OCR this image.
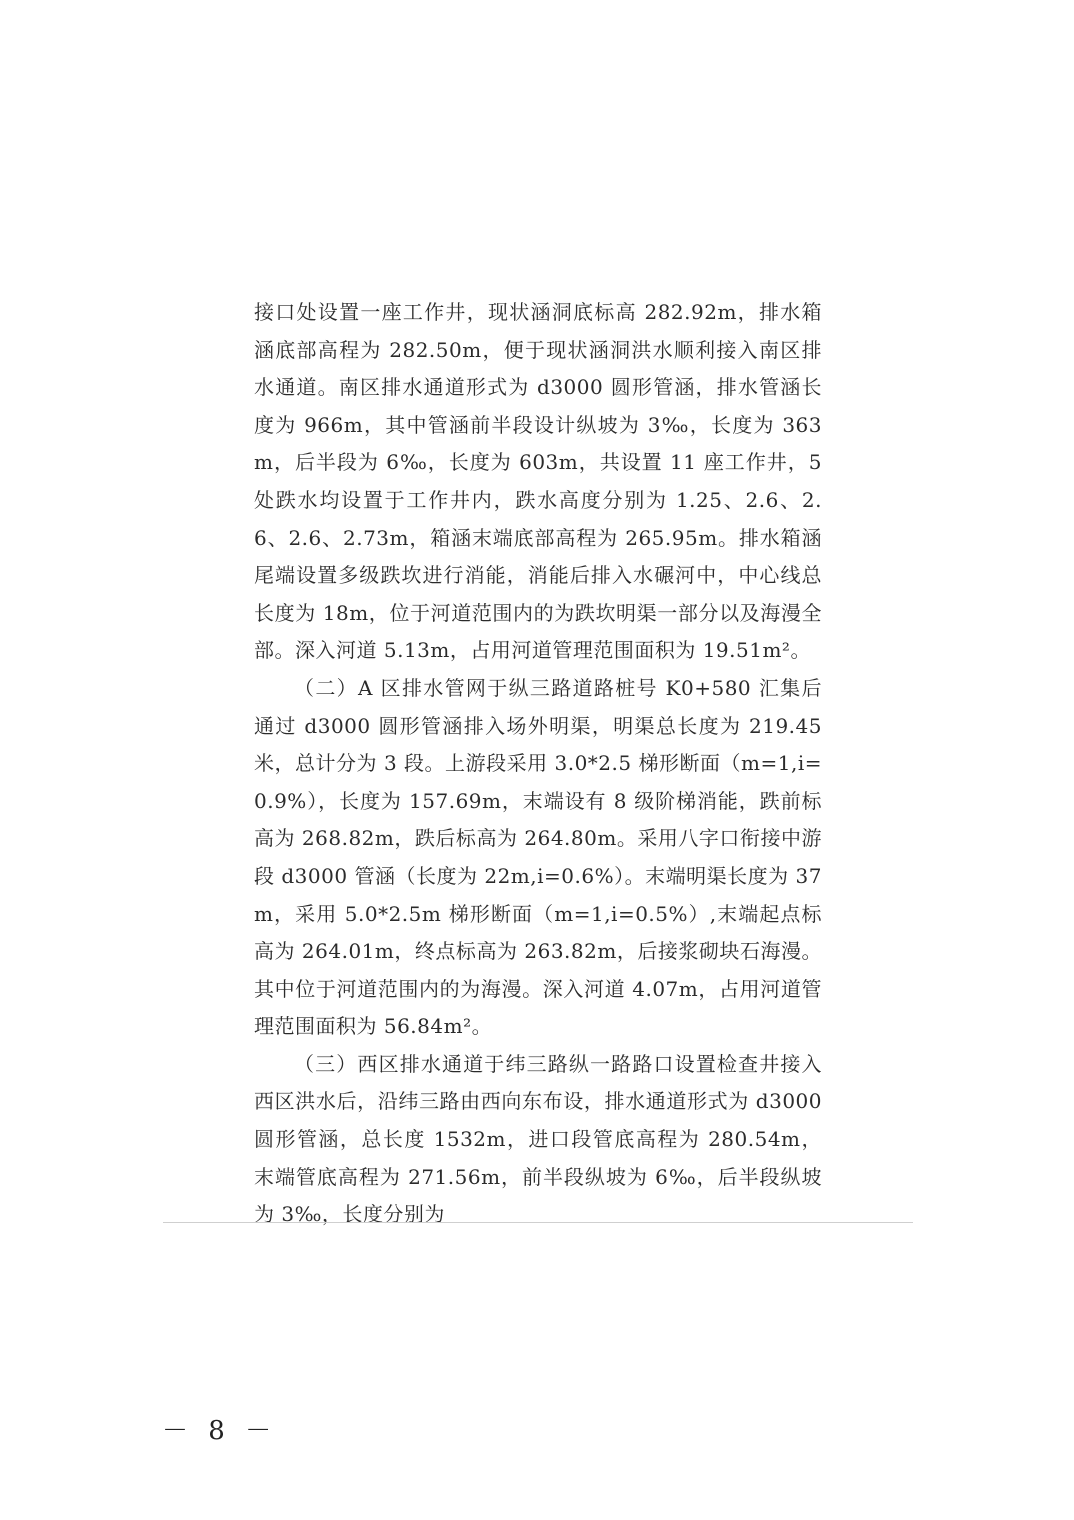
接口处设置一座工作井，现状涵洞底标高 282.92m，排水箱涵底部高程为 282.50m，便于现状涵洞洪水顺利接入南区排水通道。南区排水通道形式为 d3000 圆形管涵，排水管涵长度为 966m，其中管涵前半段设计纵坡为 3‰，长度为 363m，后半段为 6‰，长度为 603m，共设置 11 座工作井，5 处跌水均设置于工作井内，跌水高度分别为 1.25、2.6、2.6、2.6、2.73m，箱涵末端底部高程为 265.95m。排水箱涵尾端设置多级跌坎进行消能，消能后排入水碾河中，中心线总长度为 18m，位于河道范围内的为跌坎明渠一部分以及海漫全部。深入河道 5.13m，占用河道管理范围面积为 19.51m²。

（二）A 区排水管网于纵三路道路桩号 K0+580 汇集后通过 d3000 圆形管涵排入场外明渠，明渠总长度为 219.45 米，总计分为 3 段。上游段采用 3.0*2.5 梯形断面（m=1,i=0.9%），长度为 157.69m，末端设有 8 级阶梯消能，跌前标高为 268.82m，跌后标高为 264.80m。采用八字口衔接中游段 d3000 管涵（长度为 22m,i=0.6%）。末端明渠长度为 37m，采用 5.0*2.5m 梯形断面（m=1,i=0.5%）,末端起点标高为 264.01m，终点标高为 263.82m，后接浆砌块石海漫。其中位于河道范围内的为海漫。深入河道 4.07m，占用河道管理范围面积为 56.84m²。

（三）西区排水通道于纬三路纵一路路口设置检查井接入西区洪水后，沿纬三路由西向东布设，排水通道形式为 d3000 圆形管涵，总长度 1532m，进口段管底高程为 280.54m，末端管底高程为 271.56m，前半段纵坡为 6‰，后半段纵坡为 3‰，长度分别为

－ 8 －
